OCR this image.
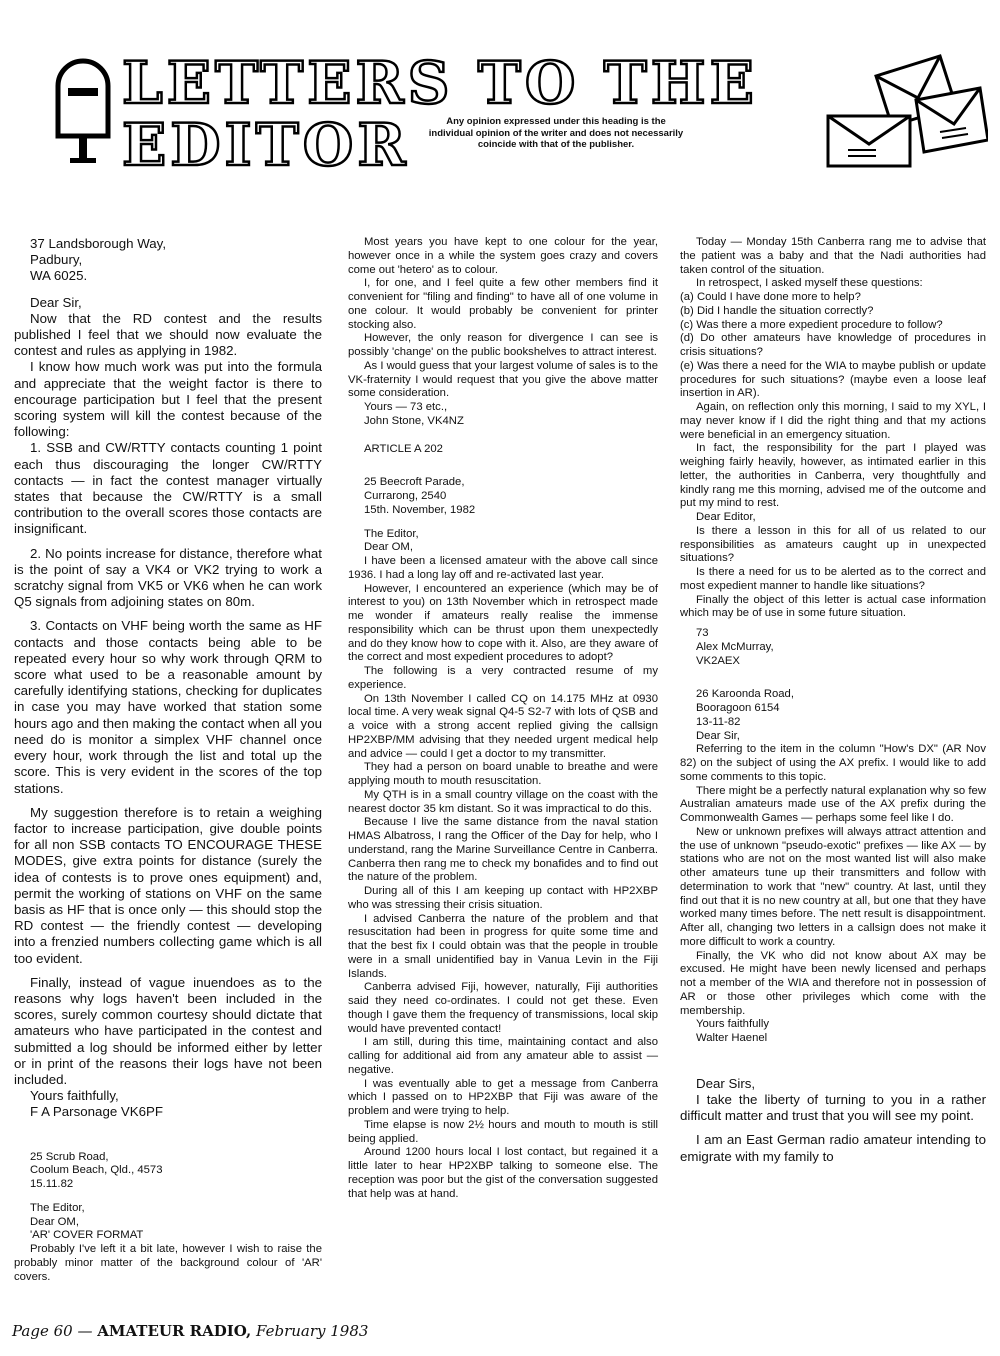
LETTERS TO THE
EDITOR	Any opinion expressed under this heading is the individual opinion of the writer and does not necessarily coincide with that of the publisher.

37 Landsborough Way,

Padbury,

WA 6025.

Dear Sir,

Now that the RD contest and the results published I feel that we should now evaluate the contest and rules as applying in 1982.

I know how much work was put into the formula and appreciate that the weight factor is there to encourage participation but I feel that the present scoring system will kill the contest because of the following:

1. SSB and CW/RTTY contacts counting 1 point each thus discouraging the longer CW/RTTY contacts — in fact the contest manager virtually states that because the CW/RTTY is a small contribution to the overall scores those contacts are insignificant.

2. No points increase for distance, therefore what is the point of say a VK4 or VK2 trying to work a scratchy signal from VK5 or VK6 when he can work Q5 signals from adjoining states on 80m.

3. Contacts on VHF being worth the same as HF contacts and those contacts being able to be repeated every hour so why work through QRM to score what used to be a reasonable amount by carefully identifying stations, checking for duplicates in case you may have worked that station some hours ago and then making the contact when all you need do is monitor a simplex VHF channel once every hour, work through the list and total up the score. This is very evident in the scores of the top stations.

My suggestion therefore is to retain a weighing factor to increase participation, give double points for all non SSB contacts TO ENCOURAGE THESE MODES, give extra points for distance (surely the idea of contests is to prove ones equipment) and, permit the working of stations on VHF on the same basis as HF that is once only — this should stop the RD contest — the friendly contest — developing into a frenzied numbers collecting game which is all too evident.

Finally, instead of vague inuendoes as to the reasons why logs haven't been included in the scores, surely common courtesy should dictate that amateurs who have participated in the contest and submitted a log should be informed either by letter or in print of the reasons their logs have not been included.

Yours faithfully,

F A Parsonage VK6PF

25 Scrub Road,

Coolum Beach, Qld., 4573

15.11.82

The Editor,

Dear OM,

'AR' COVER FORMAT

Probably I've left it a bit late, however I wish to raise the probably minor matter of the background colour of 'AR' covers.

Most years you have kept to one colour for the year, however once in a while the system goes crazy and covers come out 'hetero' as to colour.

I, for one, and I feel quite a few other members find it convenient for "filing and finding" to have all of one volume in one colour. It would probably be convenient for printer stocking also.

However, the only reason for divergence I can see is possibly 'change' on the public bookshelves to attract interest.

As I would guess that your largest volume of sales is to the VK-fraternity I would request that you give the above matter some consideration.

Yours — 73 etc.,

John Stone, VK4NZ

ARTICLE A 202

25 Beecroft Parade,

Currarong, 2540

15th. November, 1982

The Editor,

Dear OM,

I have been a licensed amateur with the above call since 1936. I had a long lay off and re-activated last year.

However, I encountered an experience (which may be of interest to you) on 13th November which in retrospect made me wonder if amateurs really realise the immense responsibility which can be thrust upon them unexpectedly and do they know how to cope with it. Also, are they aware of the correct and most expedient procedures to adopt?

The following is a very contracted resume of my experience.

On 13th November I called CQ on 14.175 MHz at 0930 local time. A very weak signal Q4-5 S2-7 with lots of QSB and a voice with a strong accent replied giving the callsign HP2XBP/MM advising that they needed urgent medical help and advice — could I get a doctor to my transmitter.

They had a person on board unable to breathe and were applying mouth to mouth resuscitation.

My QTH is in a small country village on the coast with the nearest doctor 35 km distant. So it was impractical to do this.

Because I live the same distance from the naval station HMAS Albatross, I rang the Officer of the Day for help, who I understand, rang the Marine Surveillance Centre in Canberra. Canberra then rang me to check my bonafides and to find out the nature of the problem.

During all of this I am keeping up contact with HP2XBP who was stressing their crisis situation.

I advised Canberra the nature of the problem and that resuscitation had been in progress for quite some time and that the best fix I could obtain was that the people in trouble were in a small unidentified bay in Vanua Levin in the Fiji Islands.

Canberra advised Fiji, however, naturally, Fiji authorities said they need co-ordinates. I could not get these. Even though I gave them the frequency of transmissions, local skip would have prevented contact!

I am still, during this time, maintaining contact and also calling for additional aid from any amateur able to assist — negative.

I was eventually able to get a message from Canberra which I passed on to HP2XBP that Fiji was aware of the problem and were trying to help.

Time elapse is now 2½ hours and mouth to mouth is still being applied.

Around 1200 hours local I lost contact, but regained it a little later to hear HP2XBP talking to someone else. The reception was poor but the gist of the conversation suggested that help was at hand.

Today — Monday 15th Canberra rang me to advise that the patient was a baby and that the Nadi authorities had taken control of the situation.

In retrospect, I asked myself these questions:

(a) Could I have done more to help?

(b) Did I handle the situation correctly?

(c) Was there a more expedient procedure to follow?

(d) Do other amateurs have knowledge of procedures in crisis situations?

(e) Was there a need for the WIA to maybe publish or update procedures for such situations? (maybe even a loose leaf insertion in AR).

Again, on reflection only this morning, I said to my XYL, I may never know if I did the right thing and that my actions were beneficial in an emergency situation.

In fact, the responsibility for the part I played was weighing fairly heavily, however, as intimated earlier in this letter, the authorities in Canberra, very thoughtfully and kindly rang me this morning, advised me of the outcome and put my mind to rest.

Dear Editor,

Is there a lesson in this for all of us related to our responsibilities as amateurs caught up in unexpected situations?

Is there a need for us to be alerted as to the correct and most expedient manner to handle like situations?

Finally the object of this letter is actual case information which may be of use in some future situation.

73

Alex McMurray,

VK2AEX

26 Karoonda Road,

Booragoon 6154

13-11-82

Dear Sir,

Referring to the item in the column "How's DX" (AR Nov 82) on the subject of using the AX prefix. I would like to add some comments to this topic.

There might be a perfectly natural explanation why so few Australian amateurs made use of the AX prefix during the Commonwealth Games — perhaps some feel like I do.

New or unknown prefixes will always attract attention and the use of unknown "pseudo-exotic" prefixes — like AX — by stations who are not on the most wanted list will also make other amateurs tune up their transmitters and follow with determination to work that "new" country. At last, until they find out that it is no new country at all, but one that they have worked many times before. The nett result is disappointment. After all, changing two letters in a callsign does not make it more difficult to work a country.

Finally, the VK who did not know about AX may be excused. He might have been newly licensed and perhaps not a member of the WIA and therefore not in possession of AR or those other privileges which come with the membership.

Yours faithfully

Walter Haenel

Dear Sirs,

I take the liberty of turning to you in a rather difficult matter and trust that you will see my point.

I am an East German radio amateur intending to emigrate with my family to

Page 60 — AMATEUR RADIO, February 1983
